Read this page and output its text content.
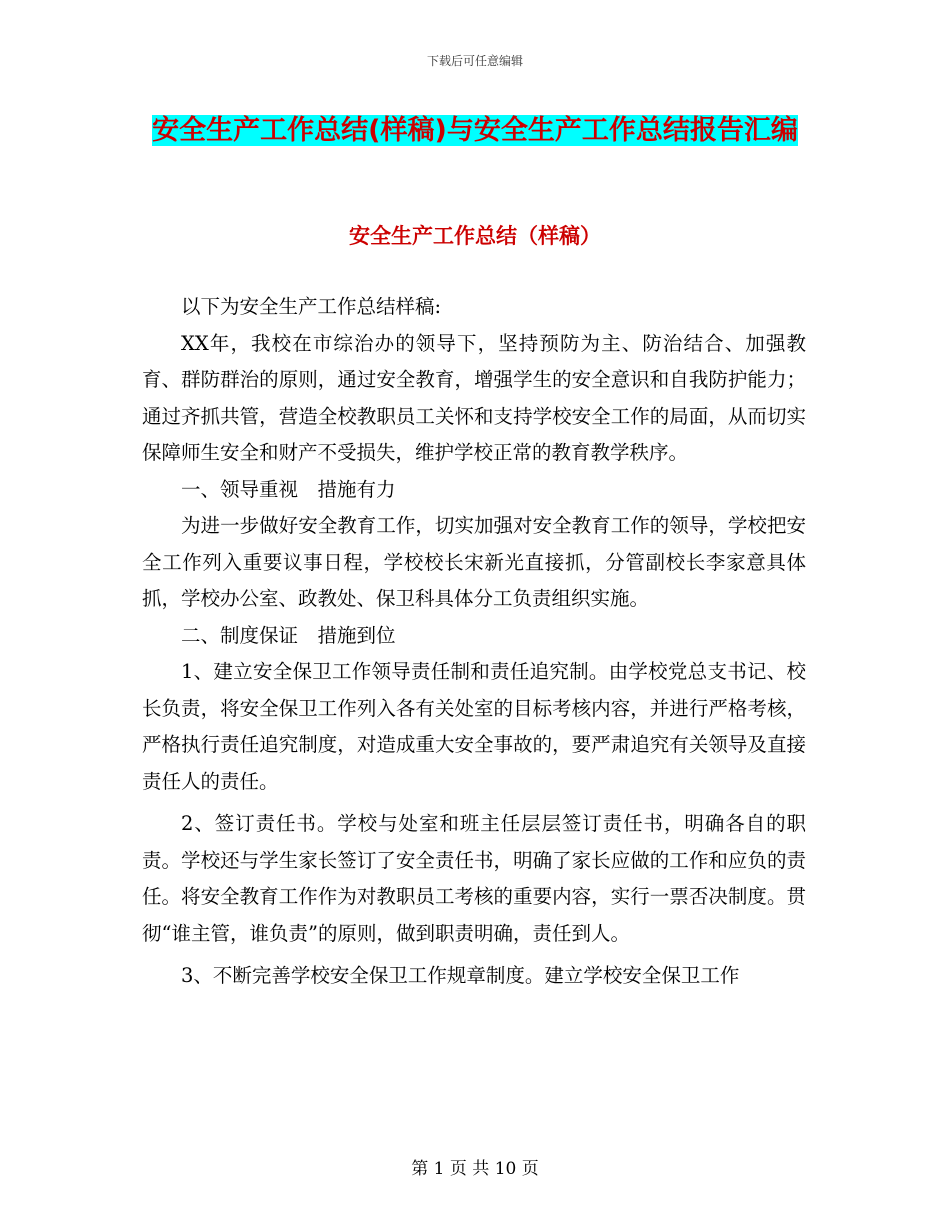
下载后可任意编辑
安全生产工作总结(样稿)与安全生产工作总结报告汇编
安全生产工作总结（样稿）

以下为安全生产工作总结样稿:

XX年，我校在市综治办的领导下，坚持预防为主、防治结合、加强教育、群防群治的原则，通过安全教育，增强学生的安全意识和自我防护能力；通过齐抓共管，营造全校教职员工关怀和支持学校安全工作的局面，从而切实保障师生安全和财产不受损失，维护学校正常的教育教学秩序。

一、领导重视　措施有力

为进一步做好安全教育工作，切实加强对安全教育工作的领导，学校把安全工作列入重要议事日程，学校校长宋新光直接抓，分管副校长李家意具体抓，学校办公室、政教处、保卫科具体分工负责组织实施。

二、制度保证　措施到位

1、建立安全保卫工作领导责任制和责任追究制。由学校党总支书记、校长负责，将安全保卫工作列入各有关处室的目标考核内容，并进行严格考核，严格执行责任追究制度，对造成重大安全事故的，要严肃追究有关领导及直接责任人的责任。

2、签订责任书。学校与处室和班主任层层签订责任书，明确各自的职责。学校还与学生家长签订了安全责任书，明确了家长应做的工作和应负的责任。将安全教育工作作为对教职员工考核的重要内容，实行一票否决制度。贯彻“谁主管，谁负责”的原则，做到职责明确，责任到人。

3、不断完善学校安全保卫工作规章制度。建立学校安全保卫工作

第 1 页 共 10 页
